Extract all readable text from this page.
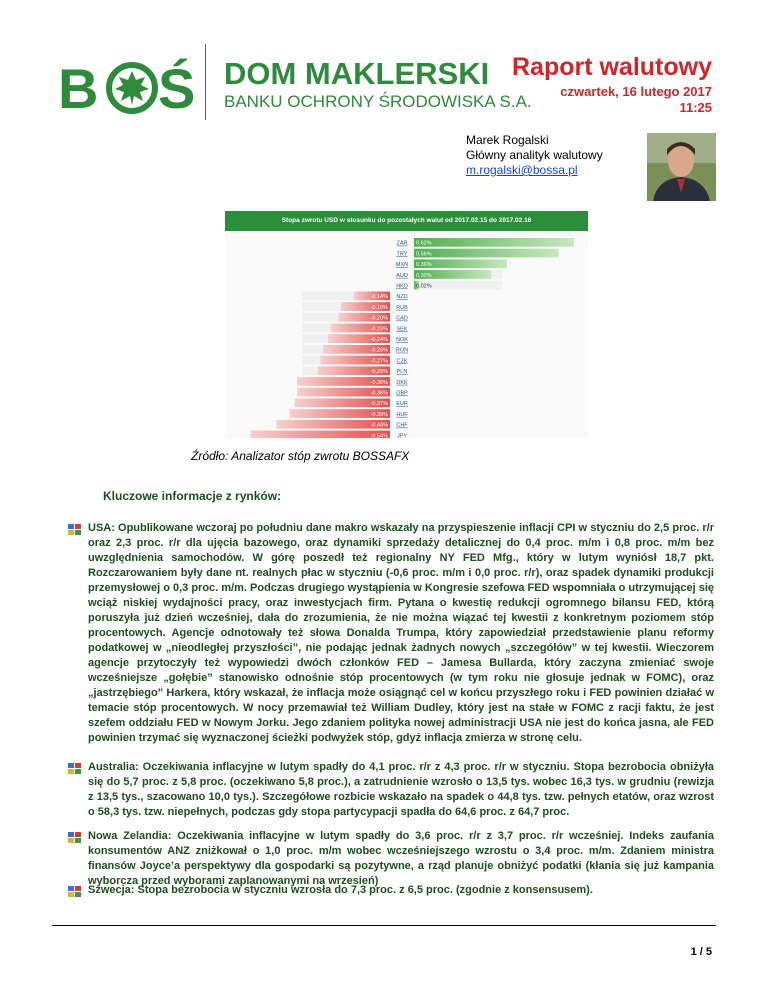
B Ś DOM MAKLERSKI
BANKU OCHRONY ŚRODOWISKA S.A.
Raport walutowy
czwartek, 16 lutego 2017
11:25
Marek Rogalski
Główny analityk walutowy
m.rogalski@bossa.pl
Stopa zwrotu USD w stosunku do pozostałych walut od 2017.02.15 do 2017.02.16
0.62%
ZAR
0.56%
TRY
0.36%
MXN
0.30%
AUD
0.02%
HKD
-0.14% NZD
-0.19% RUB
-0.20% CAD
-0.23% SEK
-0.24% NOK
-0.26% RON
-0.27% CZK
-0.28% PLN
-0.36% DKK
-0.36% GBP
-0.37% EUR
-0.39% HUF
-0.44% CHF
-0.54% JPY
Źródło: Analizator stóp zwrotu BOSSAFX
Kluczowe informacje z rynków:
USA: Opublikowane wczoraj po południu dane makro wskazały na przyspieszenie inflacji CPI w styczniu do 2,5 proc. r/r oraz 2,3 proc. r/r dla ujęcia bazowego, oraz dynamiki sprzedaży detalicznej do 0,4 proc. m/m i 0,8 proc. m/m bez uwzględnienia samochodów. W górę poszedł też regionalny NY FED Mfg., który w lutym wyniósł 18,7 pkt. Rozczarowaniem były dane nt. realnych płac w styczniu (-0,6 proc. m/m i 0,0 proc. r/r), oraz spadek dynamiki produkcji przemysłowej o 0,3 proc. m/m. Podczas drugiego wystąpienia w Kongresie szefowa FED wspomniała o utrzymującej się wciąż niskiej wydajności pracy, oraz inwestycjach firm. Pytana o kwestię redukcji ogromnego bilansu FED, którą poruszyła już dzień wcześniej, dała do zrozumienia, że nie można wiązać tej kwestii z konkretnym poziomem stóp procentowych. Agencje odnotowały też słowa Donalda Trumpa, który zapowiedział przedstawienie planu reformy podatkowej w „nieodległej przyszłości”, nie podając jednak żadnych nowych „szczegółów” w tej kwestii. Wieczorem agencje przytoczyły też wypowiedzi dwóch członków FED – Jamesa Bullarda, który zaczyna zmieniać swoje wcześniejsze „gołębie” stanowisko odnośnie stóp procentowych (w tym roku nie głosuje jednak w FOMC), oraz „jastrzębiego” Harkera, który wskazał, że inflacja może osiągnąć cel w końcu przyszłego roku i FED powinien działać w temacie stóp procentowych. W nocy przemawiał też William Dudley, który jest na stałe w FOMC z racji faktu, że jest szefem oddziału FED w Nowym Jorku. Jego zdaniem polityka nowej administracji USA nie jest do końca jasna, ale FED powinien trzymać się wyznaczonej ścieżki podwyżek stóp, gdyż inflacja zmierza w stronę celu.
Australia: Oczekiwania inflacyjne w lutym spadły do 4,1 proc. r/r z 4,3 proc. r/r w styczniu. Stopa bezrobocia obniżyła się do 5,7 proc. z 5,8 proc. (oczekiwano 5,8 proc.), a zatrudnienie wzrosło o 13,5 tys. wobec 16,3 tys. w grudniu (rewizja z 13,5 tys., szacowano 10,0 tys.). Szczegółowe rozbicie wskazało na spadek o 44,8 tys. tzw. pełnych etatów, oraz wzrost o 58,3 tys. tzw. niepełnych, podczas gdy stopa partycypacji spadła do 64,6 proc. z 64,7 proc.
Nowa Zelandia: Oczekiwania inflacyjne w lutym spadły do 3,6 proc. r/r z 3,7 proc. r/r wcześniej. Indeks zaufania konsumentów ANZ zniżkował o 1,0 proc. m/m wobec wcześniejszego wzrostu o 3,4 proc. m/m. Zdaniem ministra finansów Joyce’a perspektywy dla gospodarki są pozytywne, a rząd planuje obniżyć podatki (kłania się już kampania wyborcza przed wyborami zaplanowanymi na wrzesień)
Szwecja: Stopa bezrobocia w styczniu wzrosła do 7,3 proc. z 6,5 proc. (zgodnie z konsensusem).
1 / 5
